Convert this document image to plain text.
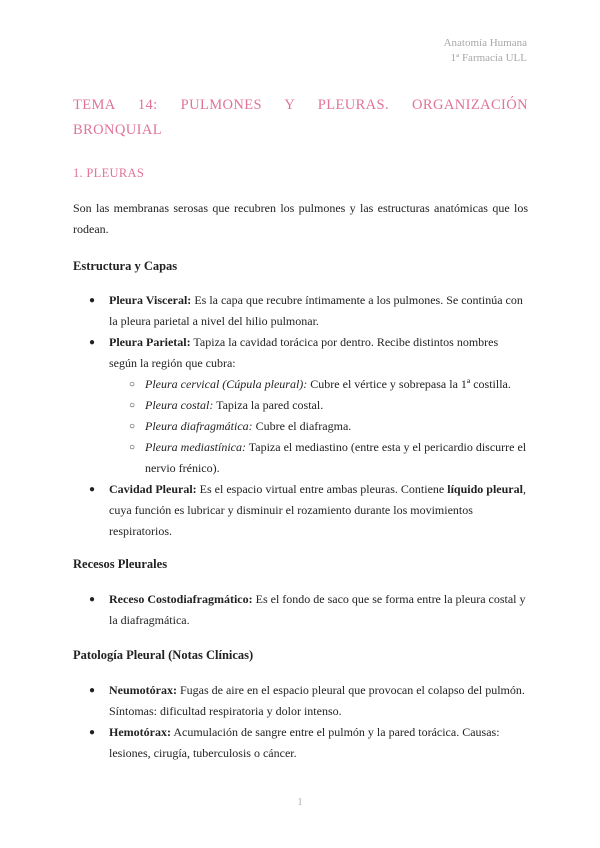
Anatomía Humana
1ª Farmacia ULL
TEMA 14: PULMONES Y PLEURAS. ORGANIZACIÓN
BRONQUIAL
1. PLEURAS
Son las membranas serosas que recubren los pulmones y las estructuras anatómicas que los rodean.
Estructura y Capas
● Pleura Visceral: Es la capa que recubre íntimamente a los pulmones. Se continúa con la pleura parietal a nivel del hilio pulmonar.
● Pleura Parietal: Tapiza la cavidad torácica por dentro. Recibe distintos nombres según la región que cubra:
○ Pleura cervical (Cúpula pleural): Cubre el vértice y sobrepasa la 1ª costilla.
○ Pleura costal: Tapiza la pared costal.
○ Pleura diafragmática: Cubre el diafragma.
○ Pleura mediastínica: Tapiza el mediastino (entre esta y el pericardio discurre el nervio frénico).
● Cavidad Pleural: Es el espacio virtual entre ambas pleuras. Contiene líquido pleural, cuya función es lubricar y disminuir el rozamiento durante los movimientos respiratorios.
Recesos Pleurales
● Receso Costodiafragmático: Es el fondo de saco que se forma entre la pleura costal y la diafragmática.
Patología Pleural (Notas Clínicas)
● Neumotórax: Fugas de aire en el espacio pleural que provocan el colapso del pulmón. Síntomas: dificultad respiratoria y dolor intenso.
● Hemotórax: Acumulación de sangre entre el pulmón y la pared torácica. Causas: lesiones, cirugía, tuberculosis o cáncer.
1
